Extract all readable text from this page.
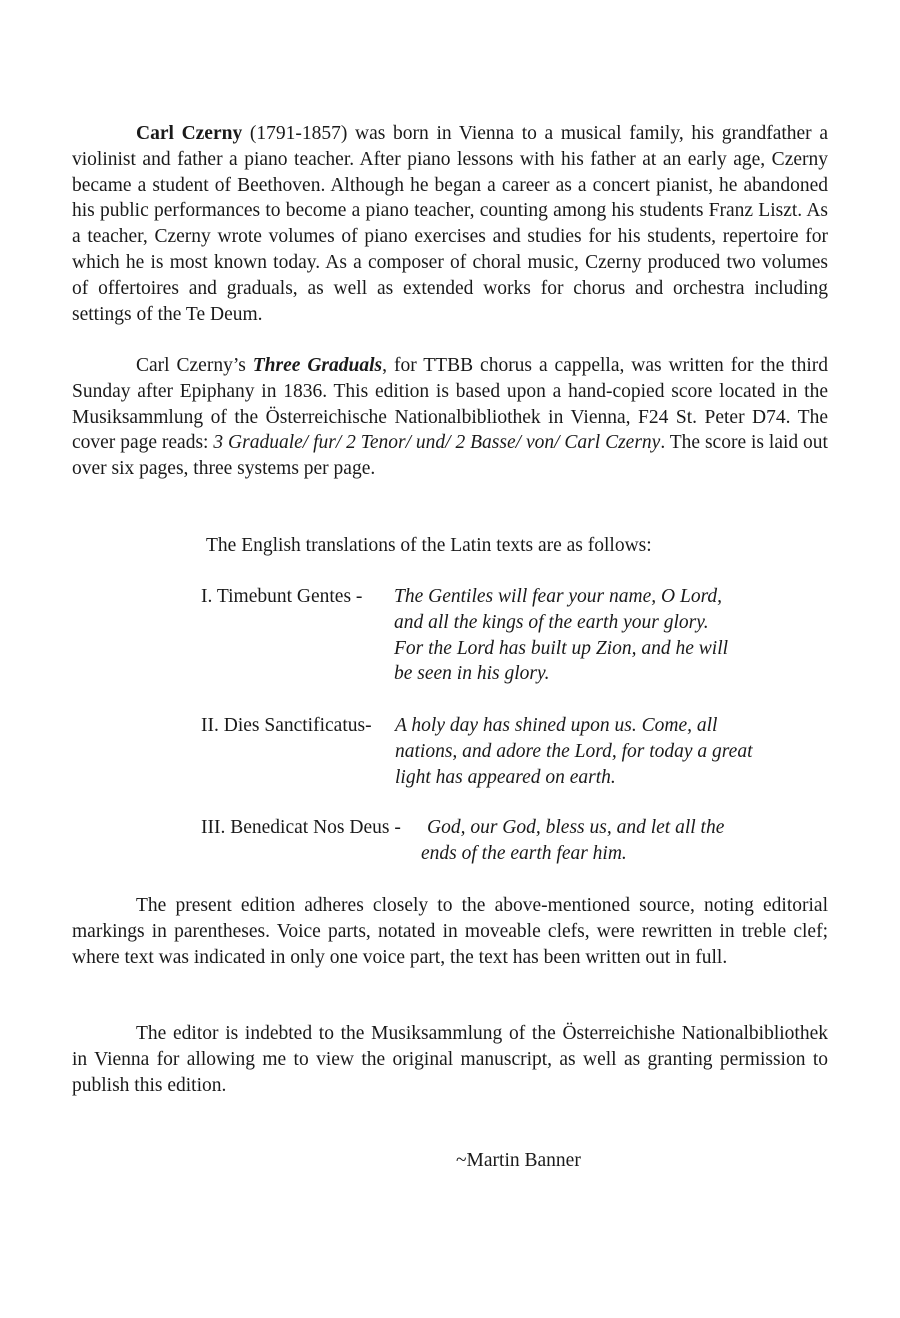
Carl Czerny (1791-1857) was born in Vienna to a musical family, his grandfather a violinist and father a piano teacher. After piano lessons with his father at an early age, Czerny became a student of Beethoven. Although he began a career as a concert pianist, he abandoned his public performances to become a piano teacher, counting among his students Franz Liszt. As a teacher, Czerny wrote volumes of piano exercises and studies for his students, repertoire for which he is most known today. As a composer of choral music, Czerny produced two volumes of offertoires and graduals, as well as extended works for chorus and orchestra including settings of the Te Deum.

Carl Czerny’s Three Graduals, for TTBB chorus a cappella, was written for the third Sunday after Epiphany in 1836. This edition is based upon a hand-copied score located in the Musiksammlung of the Österreichische Nationalbibliothek in Vienna, F24 St. Peter D74. The cover page reads: 3 Graduale/ fur/ 2 Tenor/ und/ 2 Basse/ von/ Carl Czerny. The score is laid out over six pages, three systems per page.

The English translations of the Latin texts are as follows:

I. Timebunt Gentes - The Gentiles will fear your name, O Lord,
and all the kings of the earth your glory.
For the Lord has built up Zion, and he will
be seen in his glory.
II. Dies Sanctificatus- A holy day has shined upon us. Come, all
nations, and adore the Lord, for today a great
light has appeared on earth.
III. Benedicat Nos Deus - God, our God, bless us, and let all the
ends of the earth fear him.

The present edition adheres closely to the above-mentioned source, noting editorial markings in parentheses. Voice parts, notated in moveable clefs, were rewritten in treble clef; where text was indicated in only one voice part, the text has been written out in full.

The editor is indebted to the Musiksammlung of the Österreichishe Nationalbibliothek in Vienna for allowing me to view the original manuscript, as well as granting permission to publish this edition.

~Martin Banner
